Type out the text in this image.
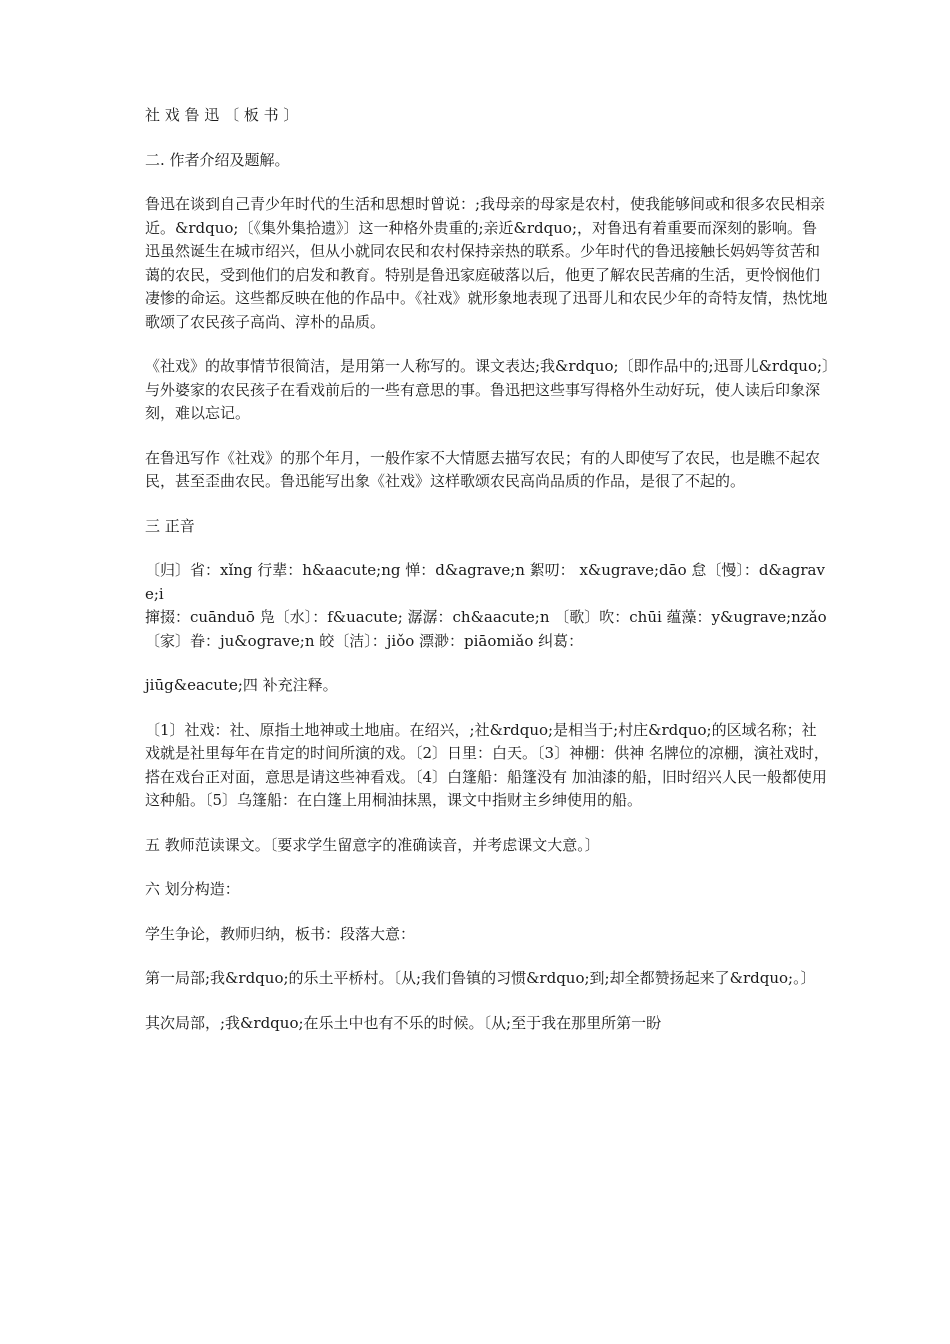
社 戏 鲁 迅 〔 板 书 〕

二. 作者介绍及题解。

鲁迅在谈到自己青少年时代的生活和思想时曾说：;我母亲的母家是农村，使我能够间或和很多农民相亲近。&rdquo;〔《集外集拾遗》〕这一种格外贵重的;亲近&rdquo;，对鲁迅有着重要而深刻的影响。鲁迅虽然诞生在城市绍兴，但从小就同农民和农村保持亲热的联系。少年时代的鲁迅接触长妈妈等贫苦和蔼的农民，受到他们的启发和教育。特别是鲁迅家庭破落以后，他更了解农民苦痛的生活，更怜悯他们凄惨的命运。这些都反映在他的作品中。《社戏》就形象地表现了迅哥儿和农民少年的奇特友情，热忱地歌颂了农民孩子高尚、淳朴的品质。

《社戏》的故事情节很简洁，是用第一人称写的。课文表达;我&rdquo;〔即作品中的;迅哥儿&rdquo;〕与外婆家的农民孩子在看戏前后的一些有意思的事。鲁迅把这些事写得格外生动好玩，使人读后印象深刻，难以忘记。

在鲁迅写作《社戏》的那个年月，一般作家不大情愿去描写农民；有的人即使写了农民，也是瞧不起农民，甚至歪曲农民。鲁迅能写出象《社戏》这样歌颂农民高尚品质的作品，是很了不起的。

三 正音

〔归〕省：xǐng 行辈：h&aacute;ng 惮：d&agrave;n 絮叨： x&ugrave;dāo 怠〔慢〕：d&agrave;i

撺掇：cuānduō 凫〔水〕：f&uacute; 潺潺：ch&aacute;n 〔歌〕吹：chūi 蕴藻：y&ugrave;nzǎo

〔家〕眷：ju&ograve;n 皎〔洁〕：jiǒo 漂渺：piāomiǎo 纠葛：

jiūg&eacute;四 补充注释。

〔1〕社戏：社、原指土地神或土地庙。在绍兴，;社&rdquo;是相当于;村庄&rdquo;的区域名称；社戏就是社里每年在肯定的时间所演的戏。〔2〕日里：白天。〔3〕神棚：供神 名牌位的凉棚，演社戏时，搭在戏台正对面，意思是请这些神看戏。〔4〕白篷船：船篷没有 加油漆的船，旧时绍兴人民一般都使用这种船。〔5〕乌篷船：在白篷上用桐油抹黑，课文中指财主乡绅使用的船。

五 教师范读课文。〔要求学生留意字的准确读音，并考虑课文大意。〕

六 划分构造：

学生争论，教师归纳，板书：段落大意：

第一局部;我&rdquo;的乐土平桥村。〔从;我们鲁镇的习惯&rdquo;到;却全都赞扬起来了&rdquo;。〕

其次局部，;我&rdquo;在乐土中也有不乐的时候。〔从;至于我在那里所第一盼
